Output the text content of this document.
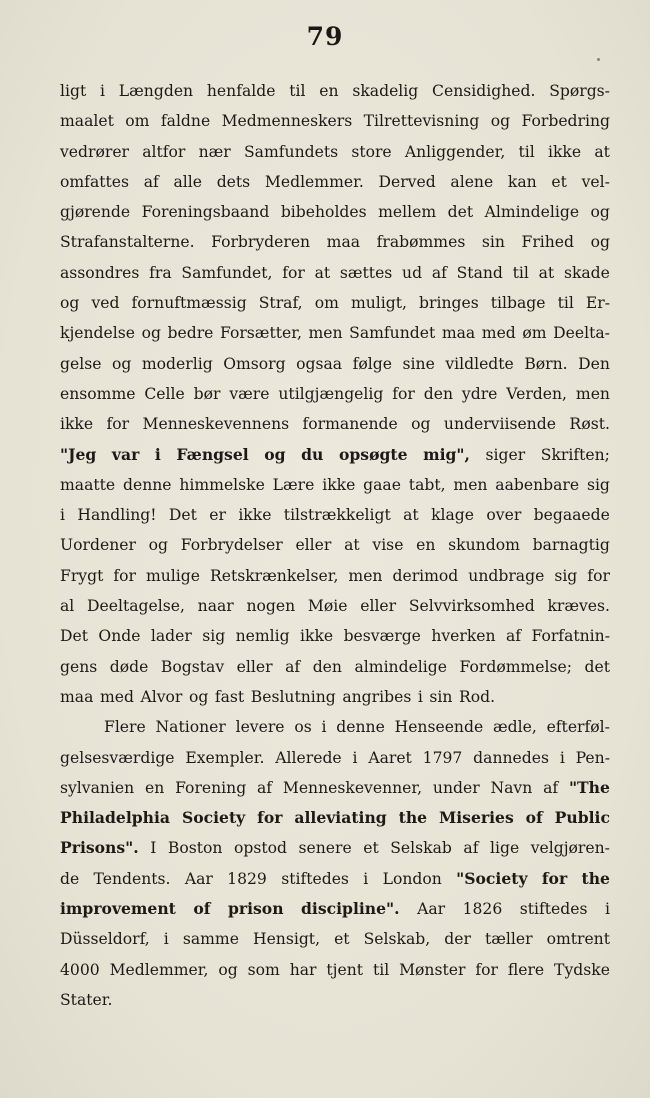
79
ligt i Længden henfalde til en skadelig Censidighed. Spørgs-
maalet om faldne Medmenneskers Tilrettevisning og Forbedring
vedrører altfor nær Samfundets store Anliggender, til ikke at
omfattes af alle dets Medlemmer. Derved alene kan et vel-
gjørende Foreningsbaand bibeholdes mellem det Almindelige og
Strafanstalterne. Forbryderen maa frabømmes sin Frihed og
assondres fra Samfundet, for at sættes ud af Stand til at skade
og ved fornuftmæssig Straf, om muligt, bringes tilbage til Er-
kjendelse og bedre Forsætter, men Samfundet maa med øm Deelta-
gelse og moderlig Omsorg ogsaa følge sine vildledte Børn. Den
ensomme Celle bør være utilgjængelig for den ydre Verden, men
ikke for Menneskevennens formanende og underviisende Røst.
"Jeg var i Fængsel og du opsøgte mig", siger Skriften;
maatte denne himmelske Lære ikke gaae tabt, men aabenbare sig
i Handling! Det er ikke tilstrækkeligt at klage over begaaede
Uordener og Forbrydelser eller at vise en skundom barnagtig
Frygt for mulige Retskrænkelser, men derimod undbrage sig for
al Deeltagelse, naar nogen Møie eller Selvvirksomhed kræves.
Det Onde lader sig nemlig ikke besværge hverken af Forfatnin-
gens døde Bogstav eller af den almindelige Fordømmelse; det
maa med Alvor og fast Beslutning angribes i sin Rod.
Flere Nationer levere os i denne Henseende ædle, efterføl-
gelsesværdige Exempler. Allerede i Aaret 1797 dannedes i Pen-
sylvanien en Forening af Menneskevenner, under Navn af "The
Philadelphia Society for alleviating the Miseries of Public
Prisons". I Boston opstod senere et Selskab af lige velgjøren-
de Tendents. Aar 1829 stiftedes i London "Society for the
improvement of prison discipline". Aar 1826 stiftedes i
Düsseldorf, i samme Hensigt, et Selskab, der tæller omtrent
4000 Medlemmer, og som har tjent til Mønster for flere Tydske
Stater.
